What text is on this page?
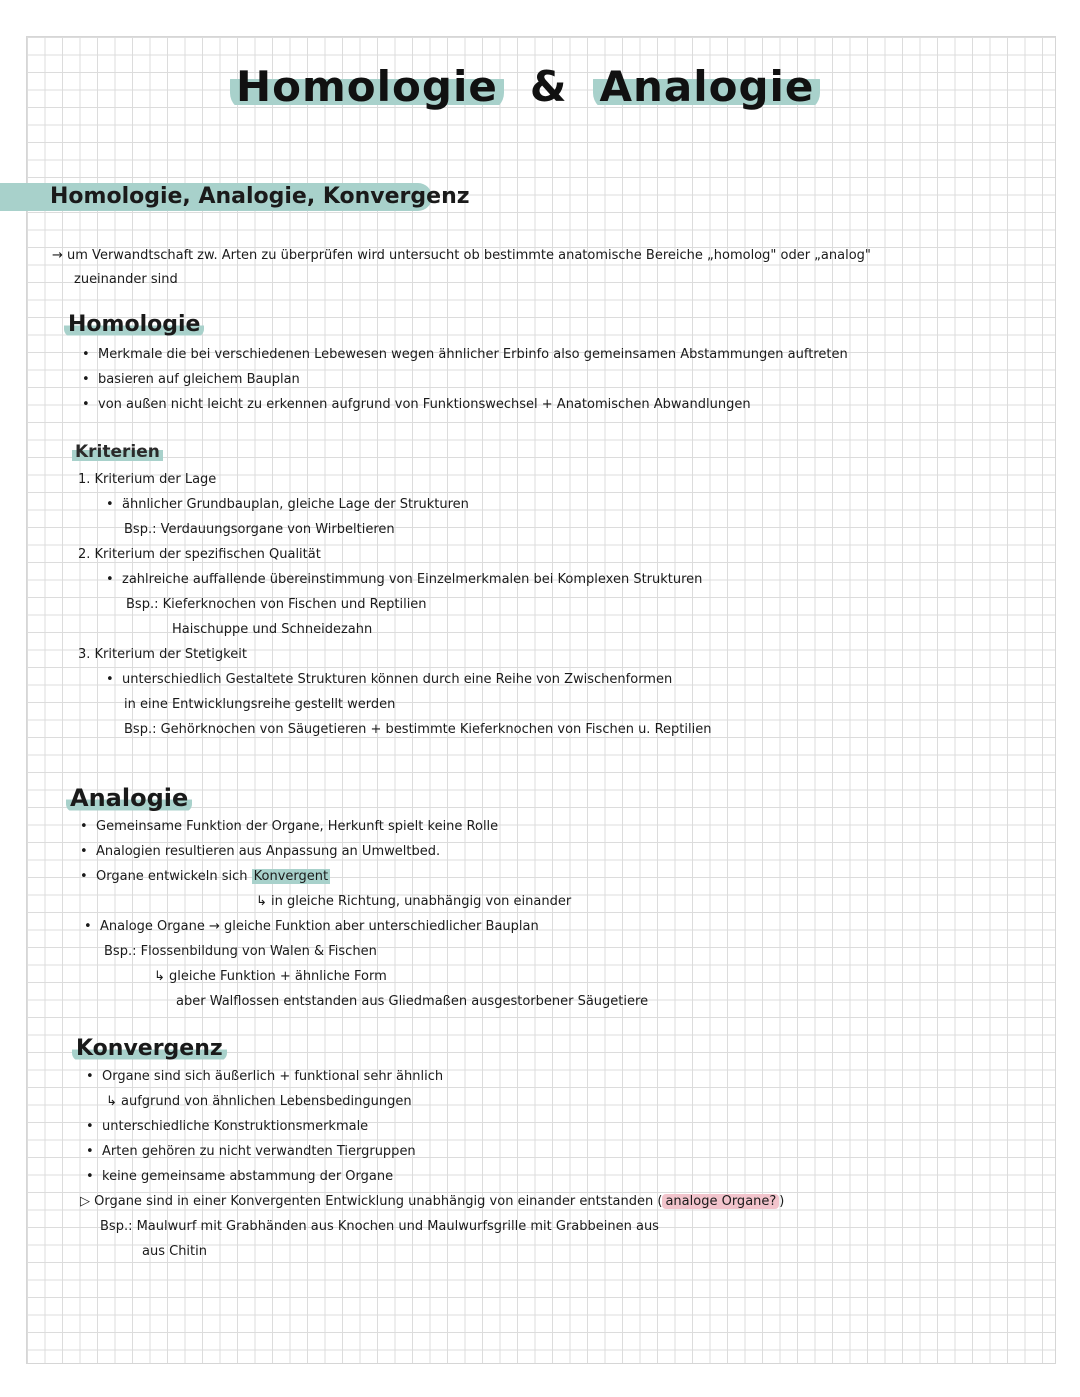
Homologie & Analogie
Homologie, Analogie, Konvergenz
→ um Verwandtschaft zw. Arten zu überprüfen wird untersucht ob bestimmte anatomische Bereiche „homolog" oder „analog"
zueinander sind
Homologie
• Merkmale die bei verschiedenen Lebewesen wegen ähnlicher Erbinfo also gemeinsamen Abstammungen auftreten
• basieren auf gleichem Bauplan
• von außen nicht leicht zu erkennen aufgrund von Funktionswechsel + Anatomischen Abwandlungen
Kriterien
1. Kriterium der Lage
• ähnlicher Grundbauplan, gleiche Lage der Strukturen
Bsp.: Verdauungsorgane von Wirbeltieren
2. Kriterium der spezifischen Qualität
• zahlreiche auffallende übereinstimmung von Einzelmerkmalen bei Komplexen Strukturen
Bsp.: Kieferknochen von Fischen und Reptilien
Haischuppe und Schneidezahn
3. Kriterium der Stetigkeit
• unterschiedlich Gestaltete Strukturen können durch eine Reihe von Zwischenformen
in eine Entwicklungsreihe gestellt werden
Bsp.: Gehörknochen von Säugetieren + bestimmte Kieferknochen von Fischen u. Reptilien
Analogie
• Gemeinsame Funktion der Organe, Herkunft spielt keine Rolle
• Analogien resultieren aus Anpassung an Umweltbed.
• Organe entwickeln sich Konvergent
↳ in gleiche Richtung, unabhängig von einander
• Analoge Organe → gleiche Funktion aber unterschiedlicher Bauplan
Bsp.: Flossenbildung von Walen & Fischen
↳ gleiche Funktion + ähnliche Form
aber Walflossen entstanden aus Gliedmaßen ausgestorbener Säugetiere
Konvergenz
• Organe sind sich äußerlich + funktional sehr ähnlich
↳ aufgrund von ähnlichen Lebensbedingungen
• unterschiedliche Konstruktionsmerkmale
• Arten gehören zu nicht verwandten Tiergruppen
• keine gemeinsame abstammung der Organe
▷ Organe sind in einer Konvergenten Entwicklung unabhängig von einander entstanden ( analoge Organe? )
Bsp.: Maulwurf mit Grabhänden aus Knochen und Maulwurfsgrille mit Grabbeinen aus
aus Chitin
